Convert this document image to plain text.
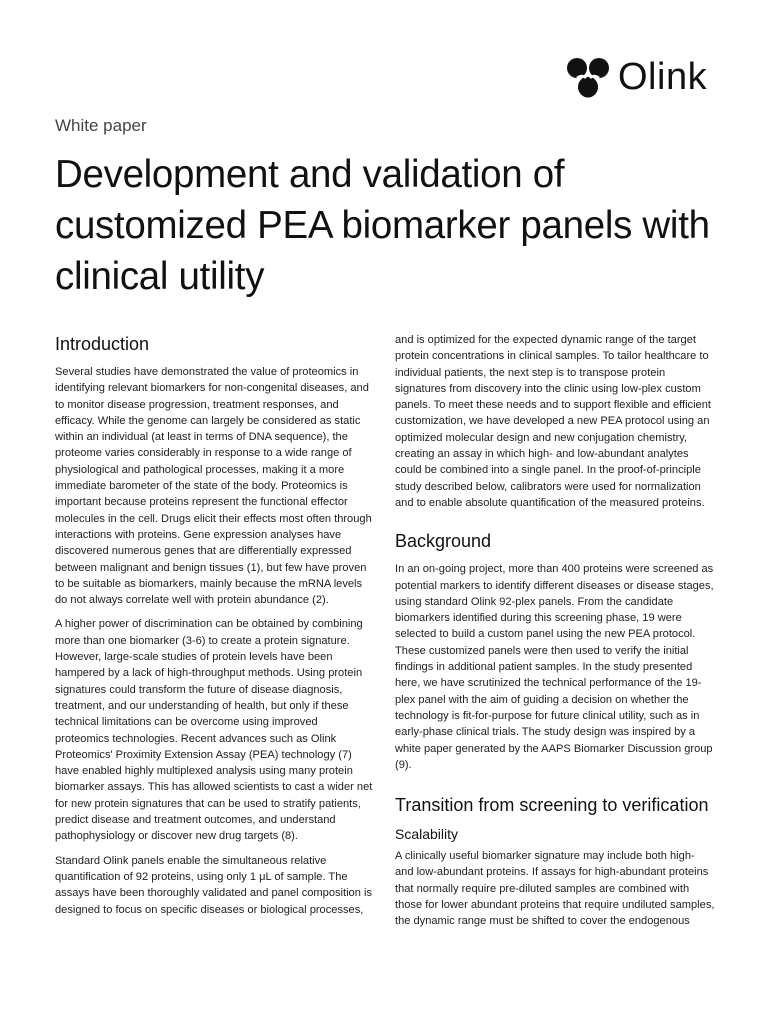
Olink
White paper
Development and validation of customized PEA biomarker panels with clinical utility
Introduction

Several studies have demonstrated the value of proteomics in identifying relevant biomarkers for non-congenital diseases, and to monitor disease progression, treatment responses, and efficacy. While the genome can largely be considered as static within an individual (at least in terms of DNA sequence), the proteome varies considerably in response to a wide range of physiological and pathological processes, making it a more immediate barometer of the state of the body. Proteomics is important because proteins represent the functional effector molecules in the cell. Drugs elicit their effects most often through interactions with proteins. Gene expression analyses have discovered numerous genes that are differentially expressed between malignant and benign tissues (1), but few have proven to be suitable as biomarkers, mainly because the mRNA levels do not always correlate well with protein abundance (2).

A higher power of discrimination can be obtained by combining more than one biomarker (3-6) to create a protein signature. However, large-scale studies of protein levels have been hampered by a lack of high-throughput methods. Using protein signatures could transform the future of disease diagnosis, treatment, and our understanding of health, but only if these technical limitations can be overcome using improved proteomics technologies. Recent advances such as Olink Proteomics' Proximity Extension Assay (PEA) technology (7) have enabled highly multiplexed analysis using many protein biomarker assays. This has allowed scientists to cast a wider net for new protein signatures that can be used to stratify patients, predict disease and treatment outcomes, and understand pathophysiology or discover new drug targets (8).

Standard Olink panels enable the simultaneous relative quantification of 92 proteins, using only 1 μL of sample. The assays have been thoroughly validated and panel composition is designed to focus on specific diseases or biological processes,

and is optimized for the expected dynamic range of the target protein concentrations in clinical samples. To tailor healthcare to individual patients, the next step is to transpose protein signatures from discovery into the clinic using low-plex custom panels. To meet these needs and to support flexible and efficient customization, we have developed a new PEA protocol using an optimized molecular design and new conjugation chemistry, creating an assay in which high- and low-abundant analytes could be combined into a single panel. In the proof-of-principle study described below, calibrators were used for normalization and to enable absolute quantification of the measured proteins.

Background

In an on-going project, more than 400 proteins were screened as potential markers to identify different diseases or disease stages, using standard Olink 92-plex panels. From the candidate biomarkers identified during this screening phase, 19 were selected to build a custom panel using the new PEA protocol. These customized panels were then used to verify the initial findings in additional patient samples. In the study presented here, we have scrutinized the technical performance of the 19-plex panel with the aim of guiding a decision on whether the technology is fit-for-purpose for future clinical utility, such as in early-phase clinical trials. The study design was inspired by a white paper generated by the AAPS Biomarker Discussion group (9).

Transition from screening to verification
Scalability

A clinically useful biomarker signature may include both high- and low-abundant proteins. If assays for high-abundant proteins that normally require pre-diluted samples are combined with those for lower abundant proteins that require undiluted samples, the dynamic range must be shifted to cover the endogenous
